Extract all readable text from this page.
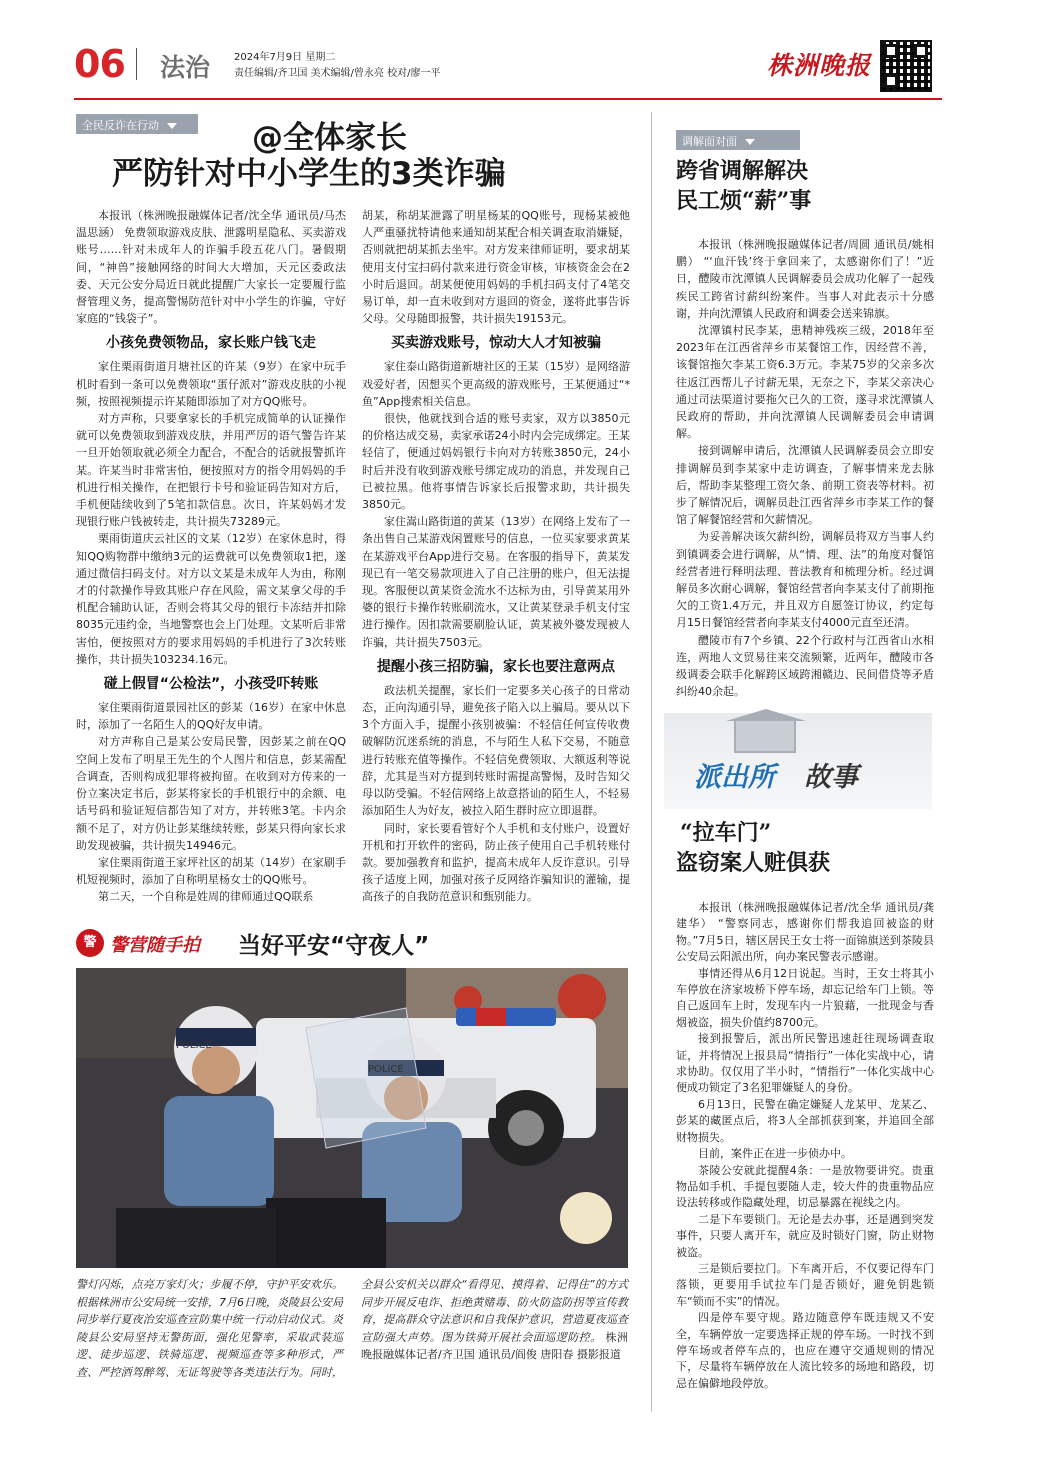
06 法治 2024年7月9日 星期二
责任编辑/齐卫国 美术编辑/曾永亮 校对/廖一平	株洲晚报
全民反诈在行动	@全体家长
严防针对中小学生的3类诈骗

本报讯（株洲晚报融媒体记者/沈全华 通讯员/马杰 温思涵） 免费领取游戏皮肤、泄露明星隐私、买卖游戏账号……针对未成年人的诈骗手段五花八门。暑假期间，“神兽”接触网络的时间大大增加，天元区委政法委、天元公安分局近日就此提醒广大家长一定要履行监督管理义务，提高警惕防范针对中小学生的诈骗，守好家庭的“钱袋子”。

小孩免费领物品，家长账户钱飞走

家住栗雨街道月塘社区的许某（9岁）在家中玩手机时看到一条可以免费领取“蛋仔派对”游戏皮肤的小视频，按照视频提示许某随即添加了对方QQ账号。

对方声称，只要拿家长的手机完成简单的认证操作就可以免费领取到游戏皮肤，并用严厉的语气警告许某一旦开始领取就必须全力配合，不配合的话就报警抓许某。许某当时非常害怕，便按照对方的指令用妈妈的手机进行相关操作，在把银行卡号和验证码告知对方后，手机便陆续收到了5笔扣款信息。次日，许某妈妈才发现银行账户钱被转走，共计损失73289元。

栗雨街道庆云社区的文某（12岁）在家休息时，得知QQ购物群中缴纳3元的运费就可以免费领取1把，遂通过微信扫码支付。对方以文某是未成年人为由，称刚才的付款操作导致其账户存在风险，需文某拿父母的手机配合辅助认证，否则会将其父母的银行卡冻结并扣除8035元违约金，当地警察也会上门处理。文某听后非常害怕，便按照对方的要求用妈妈的手机进行了3次转账操作，共计损失103234.16元。

碰上假冒“公检法”，小孩受吓转账

家住栗雨街道景园社区的彭某（16岁）在家中休息时，添加了一名陌生人的QQ好友申请。

对方声称自己是某公安局民警，因彭某之前在QQ空间上发布了明星王先生的个人图片和信息，彭某需配合调查，否则构成犯罪将被拘留。在收到对方传来的一份立案决定书后，彭某将家长的手机银行中的余额、电话号码和验证短信都告知了对方，并转账3笔。卡内余额不足了，对方仍让彭某继续转账，彭某只得向家长求助发现被骗，共计损失14946元。

家住栗雨街道王家坪社区的胡某（14岁）在家刷手机短视频时，添加了自称明星杨女士的QQ账号。

第二天，一个自称是姓周的律师通过QQ联系

胡某，称胡某泄露了明星杨某的QQ账号，现杨某被他人严重骚扰特请他来通知胡某配合相关调查取消嫌疑，否则就把胡某抓去坐牢。对方发来律师证明，要求胡某使用支付宝扫码付款来进行资金审核，审核资金会在2小时后退回。胡某便使用妈妈的手机扫码支付了4笔交易订单，却一直未收到对方退回的资金，遂将此事告诉父母。父母随即报警，共计损失19153元。

买卖游戏账号，惊动大人才知被骗

家住泰山路街道新塘社区的王某（15岁）是网络游戏爱好者，因想买个更高级的游戏账号，王某便通过“*鱼”App搜索相关信息。

很快，他就找到合适的账号卖家，双方以3850元的价格达成交易，卖家承诺24小时内会完成绑定。王某轻信了，便通过妈妈银行卡向对方转账3850元，24小时后并没有收到游戏账号绑定成功的消息，并发现自己已被拉黑。他将事情告诉家长后报警求助，共计损失3850元。

家住嵩山路街道的黄某（13岁）在网络上发布了一条出售自己某游戏闲置账号的信息，一位买家要求黄某在某游戏平台App进行交易。在客服的指导下，黄某发现已有一笔交易款项进入了自己注册的账户，但无法提现。客服便以黄某资金流水不达标为由，引导黄某用外婆的银行卡操作转账刷流水，又让黄某登录手机支付宝进行操作。因扣款需要刷脸认证，黄某被外婆发现被人诈骗，共计损失7503元。

提醒小孩三招防骗，家长也要注意两点

政法机关提醒，家长们一定要多关心孩子的日常动态，正向沟通引导，避免孩子陷入以上骗局。要从以下3个方面入手，提醒小孩别被骗：不轻信任何宣传收费破解防沉迷系统的消息，不与陌生人私下交易，不随意进行转账充值等操作。不轻信免费领取、大额返利等说辞，尤其是当对方提到转账时需提高警惕，及时告知父母以防受骗。不轻信网络上故意搭讪的陌生人，不轻易添加陌生人为好友，被拉入陌生群时应立即退群。

同时，家长要看管好个人手机和支付账户，设置好开机和打开软件的密码，防止孩子使用自己手机转账付款。要加强教育和监护，提高未成年人反诈意识。引导孩子适度上网，加强对孩子反网络诈骗知识的灌输，提高孩子的自我防范意识和甄别能力。

调解面对面
跨省调解解决
民工烦“薪”事

本报讯（株洲晚报融媒体记者/周圆 通讯员/姚相鹏） “‘血汗钱’终于拿回来了，太感谢你们了！”近日，醴陵市沈潭镇人民调解委员会成功化解了一起残疾民工跨省讨薪纠纷案件。当事人对此表示十分感谢，并向沈潭镇人民政府和调委会送来锦旗。

沈潭镇村民李某，患精神残疾三级，2018年至2023年在江西省萍乡市某餐馆工作，因经营不善，该餐馆拖欠李某工资6.3万元。李某75岁的父亲多次往返江西帮儿子讨薪无果，无奈之下，李某父亲决心通过司法渠道讨要拖欠已久的工资，遂寻求沈潭镇人民政府的帮助，并向沈潭镇人民调解委员会申请调解。

接到调解申请后，沈潭镇人民调解委员会立即安排调解员到李某家中走访调查，了解事情来龙去脉后，帮助李某整理工资欠条、前期工资表等材料。初步了解情况后，调解员赴江西省萍乡市李某工作的餐馆了解餐馆经营和欠薪情况。

为妥善解决该欠薪纠纷，调解员将双方当事人约到镇调委会进行调解，从“情、理、法”的角度对餐馆经营者进行释明法理、普法教育和梳理分析。经过调解员多次耐心调解，餐馆经营者向李某支付了前期拖欠的工资1.4万元，并且双方自愿签订协议，约定每月15日餐馆经营者向李某支付4000元直至还清。

醴陵市有7个乡镇、22个行政村与江西省山水相连，两地人文贸易往来交流频繁，近两年，醴陵市各级调委会联手化解跨区域跨湘赣边、民间借贷等矛盾纠纷40余起。

派出所 故事
“拉车门”
盗窃案人赃俱获

本报讯（株洲晚报融媒体记者/沈全华 通讯员/龚建华） “警察同志，感谢你们帮我追回被盗的财物。”7月5日，辖区居民王女士将一面锦旗送到茶陵县公安局云阳派出所，向办案民警表示感谢。

事情还得从6月12日说起。当时，王女士将其小车停放在济家坡桥下停车场，却忘记给车门上锁。等自己返回车上时，发现车内一片狼藉，一批现金与香烟被盗，损失价值约8700元。

接到报警后，派出所民警迅速赶往现场调查取证，并将情况上报县局“情指行”一体化实战中心，请求协助。仅仅用了半小时，“情指行”一体化实战中心便成功锁定了3名犯罪嫌疑人的身份。

6月13日，民警在确定嫌疑人龙某甲、龙某乙、彭某的藏匿点后，将3人全部抓获到案，并追回全部财物损失。

目前，案件正在进一步侦办中。

茶陵公安就此提醒4条：一是放物要讲究。贵重物品如手机、手提包要随人走，较大件的贵重物品应设法转移或作隐藏处理，切忌暴露在视线之内。

二是下车要锁门。无论是去办事，还是遇到突发事件，只要人离开车，就应及时锁好门窗，防止财物被盗。

三是锁后要拉门。下车离开后，不仅要记得车门落锁，更要用手试拉车门是否锁好，避免钥匙锁车“锁而不实”的情况。

四是停车要守规。路边随意停车既违规又不安全，车辆停放一定要选择正规的停车场。一时找不到停车场或者停车点的，也应在遵守交通规则的情况下，尽量将车辆停放在人流比较多的场地和路段，切忌在偏僻地段停放。

警 警营随手拍 当好平安“守夜人”
POLICE
POLICE
警灯闪烁，点亮万家灯火；步履不停，守护平安欢乐。根据株洲市公安局统一安排，7月6日晚，炎陵县公安局同步举行夏夜治安巡查宣防集中统一行动启动仪式。炎陵县公安局坚持无警街面，强化见警率，采取武装巡逻、徒步巡逻、铁骑巡逻、视频巡查等多种形式，严查、严控酒驾醉驾、无证驾驶等各类违法行为。同时，全县公安机关以群众“看得见、摸得着、记得住”的方式同步开展反电诈、拒绝黄赌毒、防火防盗防拐等宣传教育，提高群众守法意识和自我保护意识，营造夏夜巡查宣防强大声势。图为铁骑开展社会面巡逻防控。 株洲晚报融媒体记者/齐卫国 通讯员/阎俊 唐阳春 摄影报道
